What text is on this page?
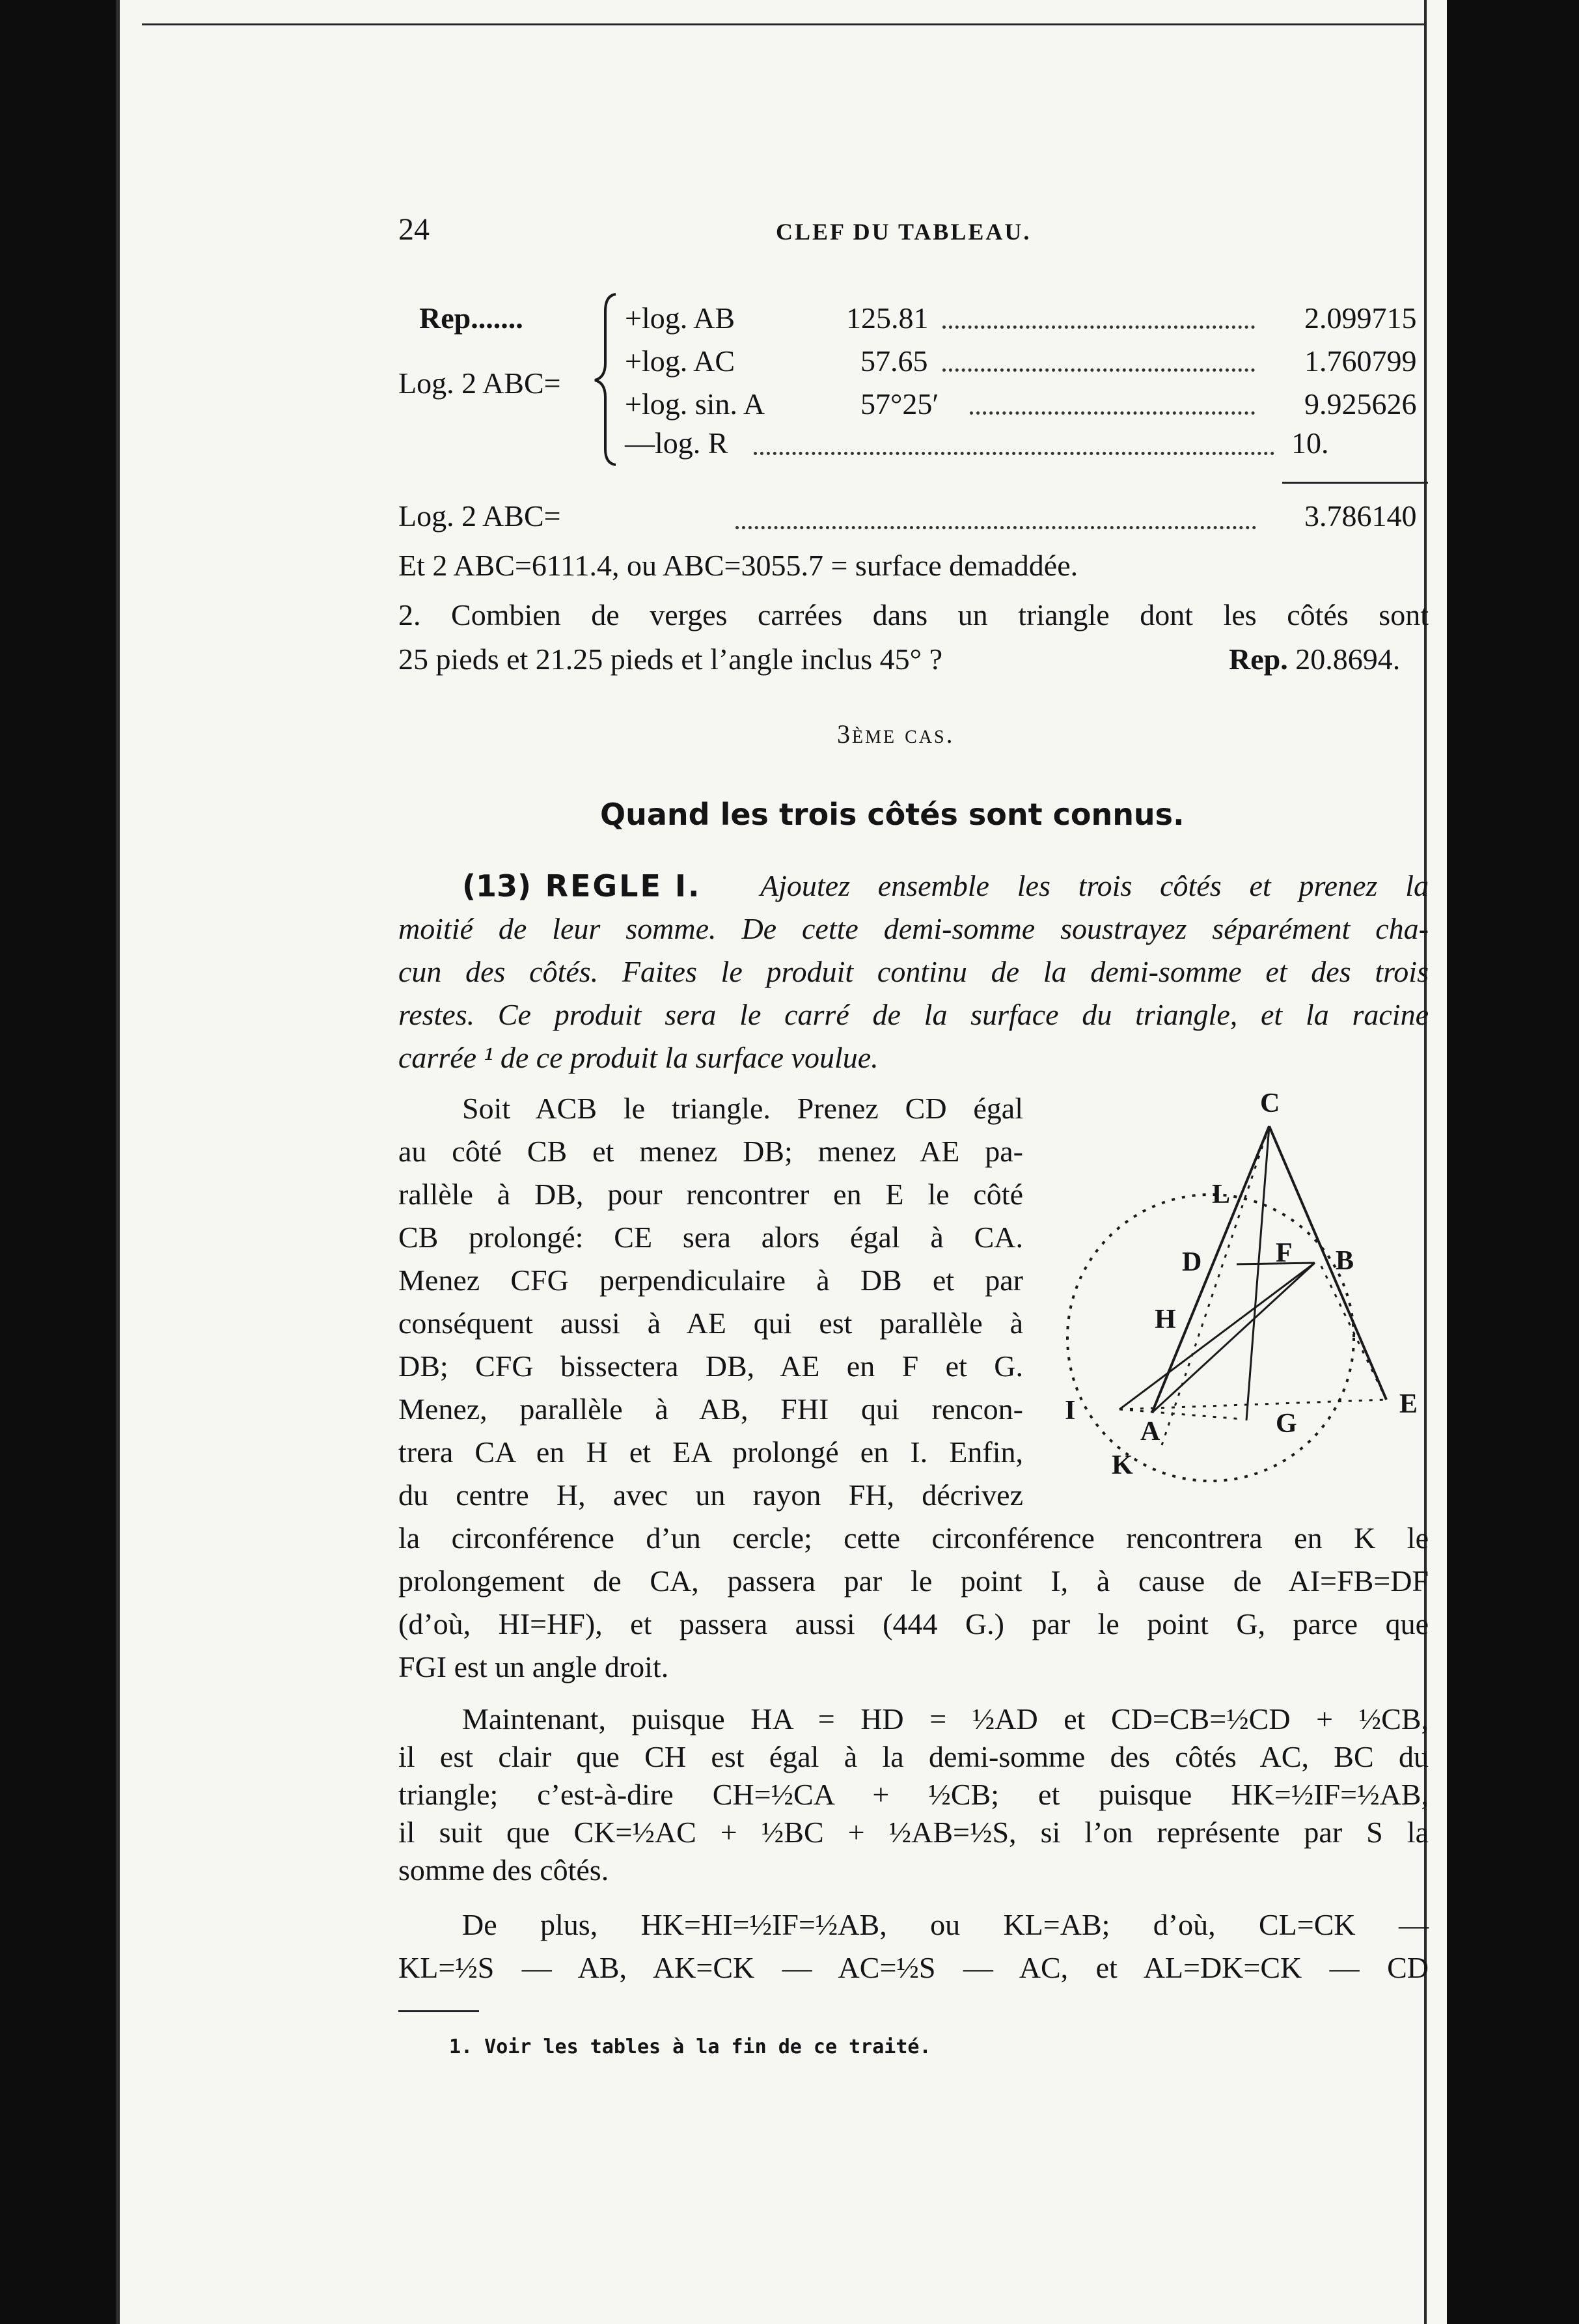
24	CLEF DU TABLEAU.
Rep.......
Log. 2 ABC=
+log. AB	125.81	2.099715
+log. AC	57.65	1.760799
+log. sin. A	57°25′	9.925626
—log. R	10.
Log. 2 ABC=	3.786140
Et 2 ABC=6111.4, ou ABC=3055.7 = surface demaddée.
2. Combien de verges carrées dans un triangle dont les côtés sont
25 pieds et 21.25 pieds et l’angle inclus 45° ?	Rep. 20.8694.
3ème cas.
Quand les trois côtés sont connus.
(13) REGLE I. Ajoutez ensemble les trois côtés et prenez la
moitié de leur somme. De cette demi-somme soustrayez séparément cha-
cun des côtés. Faites le produit continu de la demi-somme et des trois
restes. Ce produit sera le carré de la surface du triangle, et la racine
carrée ¹ de ce produit la surface voulue.
Soit ACB le triangle. Prenez CD égal
au côté CB et menez DB; menez AE pa-
rallèle à DB, pour rencontrer en E le côté
CB prolongé: CE sera alors égal à CA.
Menez CFG perpendiculaire à DB et par
conséquent aussi à AE qui est parallèle à
DB; CFG bissectera DB, AE en F et G.
Menez, parallèle à AB, FHI qui rencon-
trera CA en H et EA prolongé en I. Enfin,
du centre H, avec un rayon FH, décrivez
la circonférence d’un cercle; cette circonférence rencontrera en K le
prolongement de CA, passera par le point I, à cause de AI=FB=DF
(d’où, HI=HF), et passera aussi (444 G.) par le point G, parce que
FGI est un angle droit.
C
L
F B
D
H
I
A	G
E
K
Maintenant, puisque HA = HD = ½AD et CD=CB=½CD + ½CB,
il est clair que CH est égal à la demi-somme des côtés AC, BC du
triangle; c’est-à-dire CH=½CA + ½CB; et puisque HK=½IF=½AB,
il suit que CK=½AC + ½BC + ½AB=½S, si l’on représente par S la
somme des côtés.
De plus, HK=HI=½IF=½AB, ou KL=AB; d’où, CL=CK —
KL=½S — AB, AK=CK — AC=½S — AC, et AL=DK=CK — CD
1. Voir les tables à la fin de ce traité.
